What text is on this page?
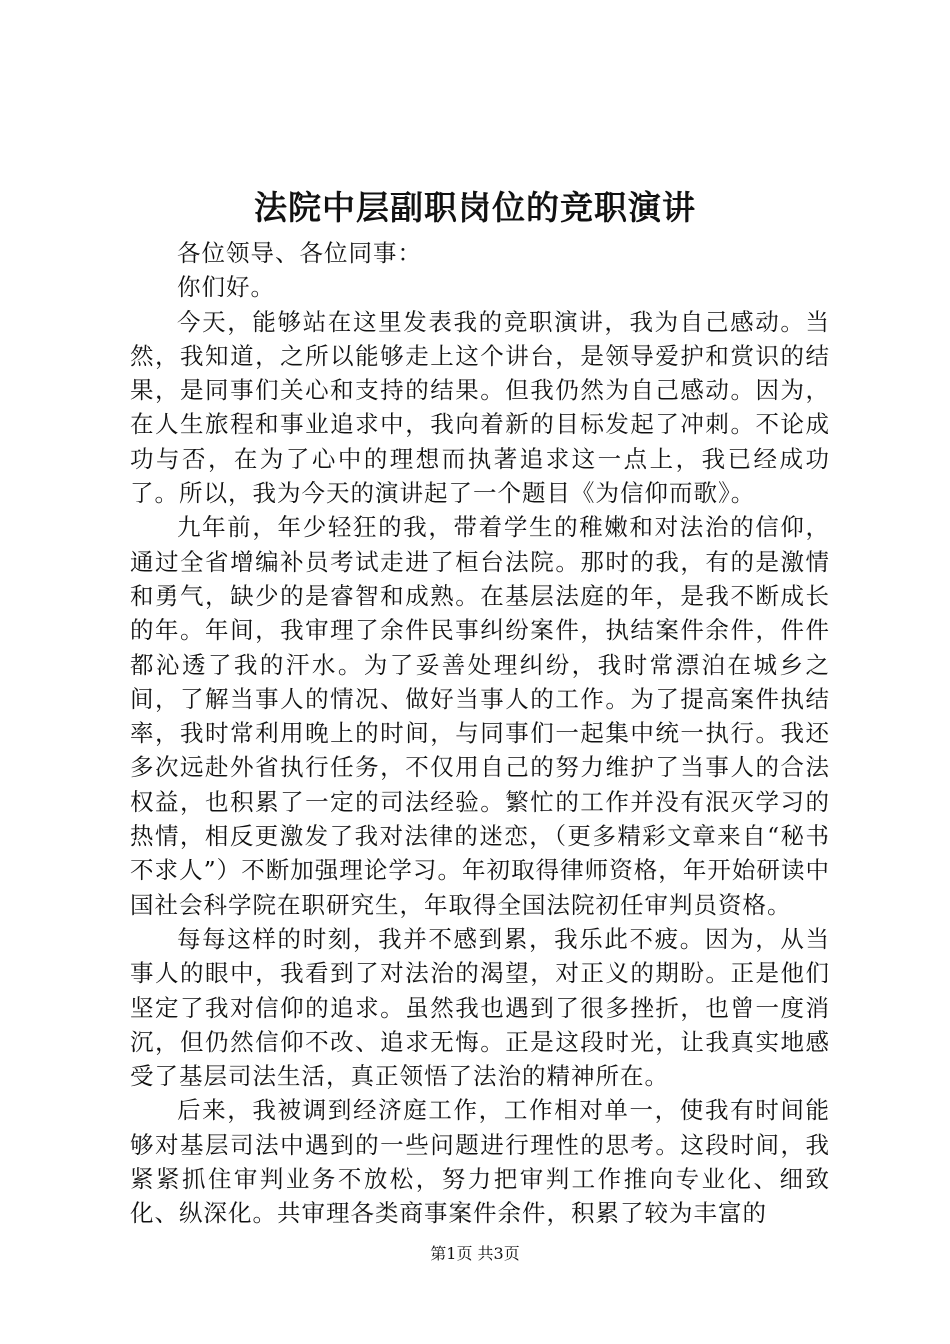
法院中层副职岗位的竞职演讲

各位领导、各位同事：

你们好。

今天，能够站在这里发表我的竞职演讲，我为自己感动。当然，我知道，之所以能够走上这个讲台，是领导爱护和赏识的结果，是同事们关心和支持的结果。但我仍然为自己感动。因为，在人生旅程和事业追求中，我向着新的目标发起了冲刺。不论成功与否，在为了心中的理想而执著追求这一点上，我已经成功了。所以，我为今天的演讲起了一个题目《为信仰而歌》。

九年前，年少轻狂的我，带着学生的稚嫩和对法治的信仰，通过全省增编补员考试走进了桓台法院。那时的我，有的是激情和勇气，缺少的是睿智和成熟。在基层法庭的年，是我不断成长的年。年间，我审理了余件民事纠纷案件，执结案件余件，件件都沁透了我的汗水。为了妥善处理纠纷，我时常漂泊在城乡之间，了解当事人的情况、做好当事人的工作。为了提高案件执结率，我时常利用晚上的时间，与同事们一起集中统一执行。我还多次远赴外省执行任务，不仅用自己的努力维护了当事人的合法权益，也积累了一定的司法经验。繁忙的工作并没有泯灭学习的热情，相反更激发了我对法律的迷恋，（更多精彩文章来自“秘书不求人”）不断加强理论学习。年初取得律师资格，年开始研读中国社会科学院在职研究生，年取得全国法院初任审判员资格。

每每这样的时刻，我并不感到累，我乐此不疲。因为，从当事人的眼中，我看到了对法治的渴望，对正义的期盼。正是他们坚定了我对信仰的追求。虽然我也遇到了很多挫折，也曾一度消沉，但仍然信仰不改、追求无悔。正是这段时光，让我真实地感受了基层司法生活，真正领悟了法治的精神所在。

后来，我被调到经济庭工作，工作相对单一，使我有时间能够对基层司法中遇到的一些问题进行理性的思考。这段时间，我紧紧抓住审判业务不放松，努力把审判工作推向专业化、细致化、纵深化。共审理各类商事案件余件，积累了较为丰富的

第1页 共3页
